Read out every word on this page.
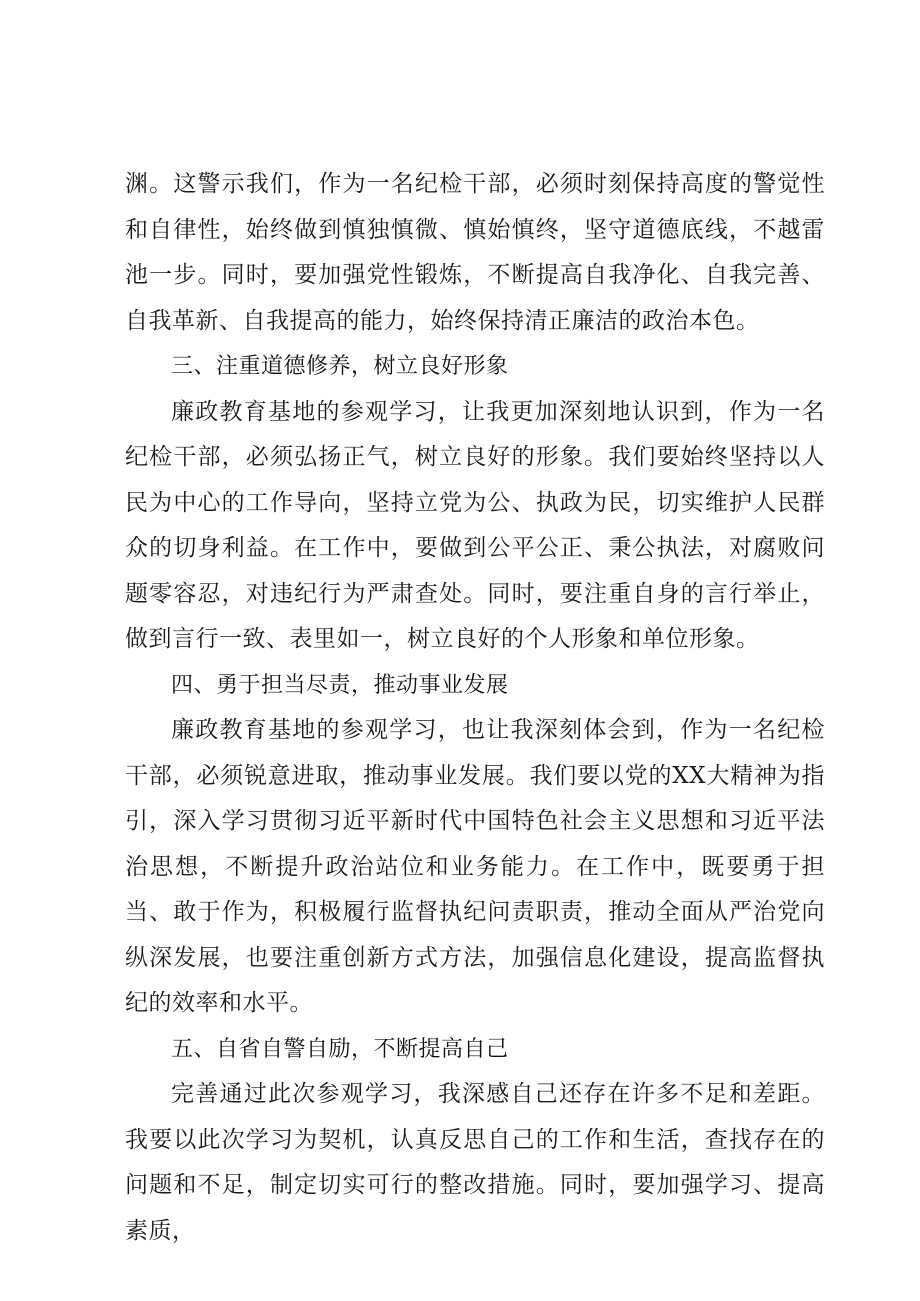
渊。这警示我们，作为一名纪检干部，必须时刻保持高度的警觉性和自律性，始终做到慎独慎微、慎始慎终，坚守道德底线，不越雷池一步。同时，要加强党性锻炼，不断提高自我净化、自我完善、自我革新、自我提高的能力，始终保持清正廉洁的政治本色。

三、注重道德修养，树立良好形象

廉政教育基地的参观学习，让我更加深刻地认识到，作为一名纪检干部，必须弘扬正气，树立良好的形象。我们要始终坚持以人民为中心的工作导向，坚持立党为公、执政为民，切实维护人民群众的切身利益。在工作中，要做到公平公正、秉公执法，对腐败问题零容忍，对违纪行为严肃查处。同时，要注重自身的言行举止，做到言行一致、表里如一，树立良好的个人形象和单位形象。

四、勇于担当尽责，推动事业发展

廉政教育基地的参观学习，也让我深刻体会到，作为一名纪检干部，必须锐意进取，推动事业发展。我们要以党的XX大精神为指引，深入学习贯彻习近平新时代中国特色社会主义思想和习近平法治思想，不断提升政治站位和业务能力。在工作中，既要勇于担当、敢于作为，积极履行监督执纪问责职责，推动全面从严治党向纵深发展，也要注重创新方式方法，加强信息化建设，提高监督执纪的效率和水平。

五、自省自警自励，不断提高自己

完善通过此次参观学习，我深感自己还存在许多不足和差距。我要以此次学习为契机，认真反思自己的工作和生活，查找存在的问题和不足，制定切实可行的整改措施。同时，要加强学习、提高素质，
